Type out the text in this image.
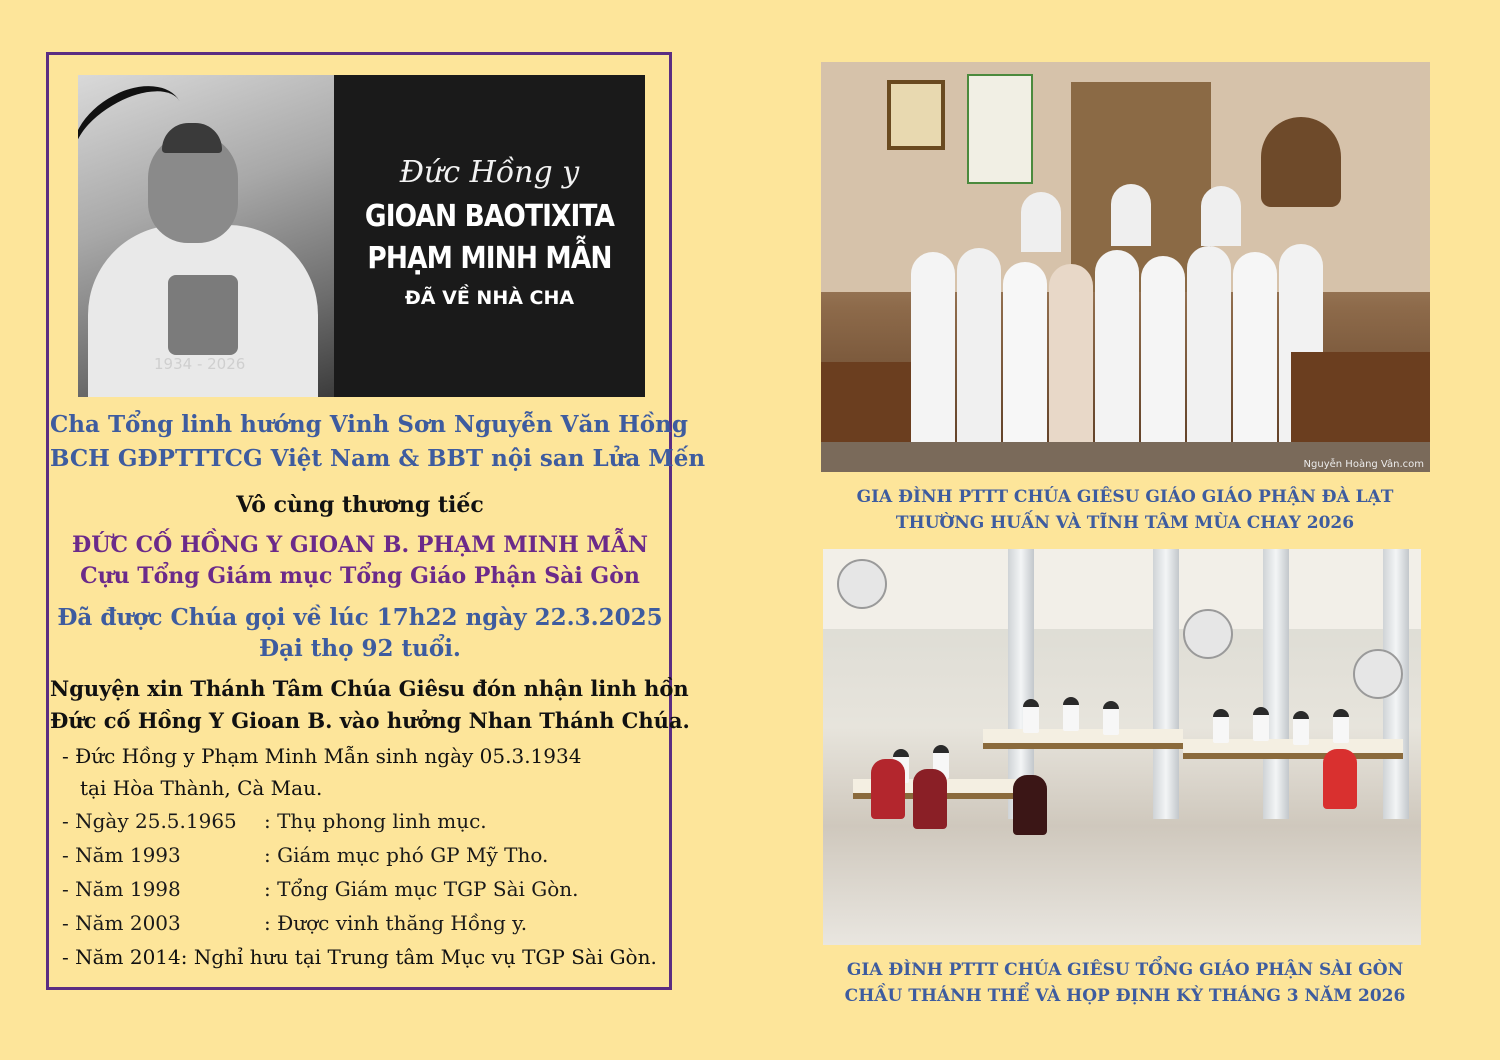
1934 - 2026
Đức Hồng y
GIOAN BAOTIXITA
PHẠM MINH MẪN
ĐÃ VỀ NHÀ CHA
Cha Tổng linh hướng Vinh Sơn Nguyễn Văn Hồng
BCH GĐPTTTCG Việt Nam & BBT nội san Lửa Mến
Vô cùng thương tiếc
ĐỨC CỐ HỒNG Y GIOAN B. PHẠM MINH MẪN
Cựu Tổng Giám mục Tổng Giáo Phận Sài Gòn
Đã được Chúa gọi về lúc 17h22 ngày 22.3.2025
Đại thọ 92 tuổi.
Nguyện xin Thánh Tâm Chúa Giêsu đón nhận linh hồn
Đức cố Hồng Y Gioan B. vào hưởng Nhan Thánh Chúa.
- Đức Hồng y Phạm Minh Mẫn sinh ngày 05.3.1934
tại Hòa Thành, Cà Mau.
- Ngày 25.5.1965 : Thụ phong linh mục.
- Năm 1993	: Giám mục phó GP Mỹ Tho.
- Năm 1998	: Tổng Giám mục TGP Sài Gòn.
- Năm 2003	: Được vinh thăng Hồng y.
- Năm 2014: Nghỉ hưu tại Trung tâm Mục vụ TGP Sài Gòn.
Nguyễn Hoàng Vân.com
GIA ĐÌNH PTTT CHÚA GIÊSU GIÁO GIÁO PHẬN ĐÀ LẠT
THƯỜNG HUẤN VÀ TĨNH TÂM MÙA CHAY 2026
GIA ĐÌNH PTTT CHÚA GIÊSU TỔNG GIÁO PHẬN SÀI GÒN
CHẦU THÁNH THỂ VÀ HỌP ĐỊNH KỲ THÁNG 3 NĂM 2026
